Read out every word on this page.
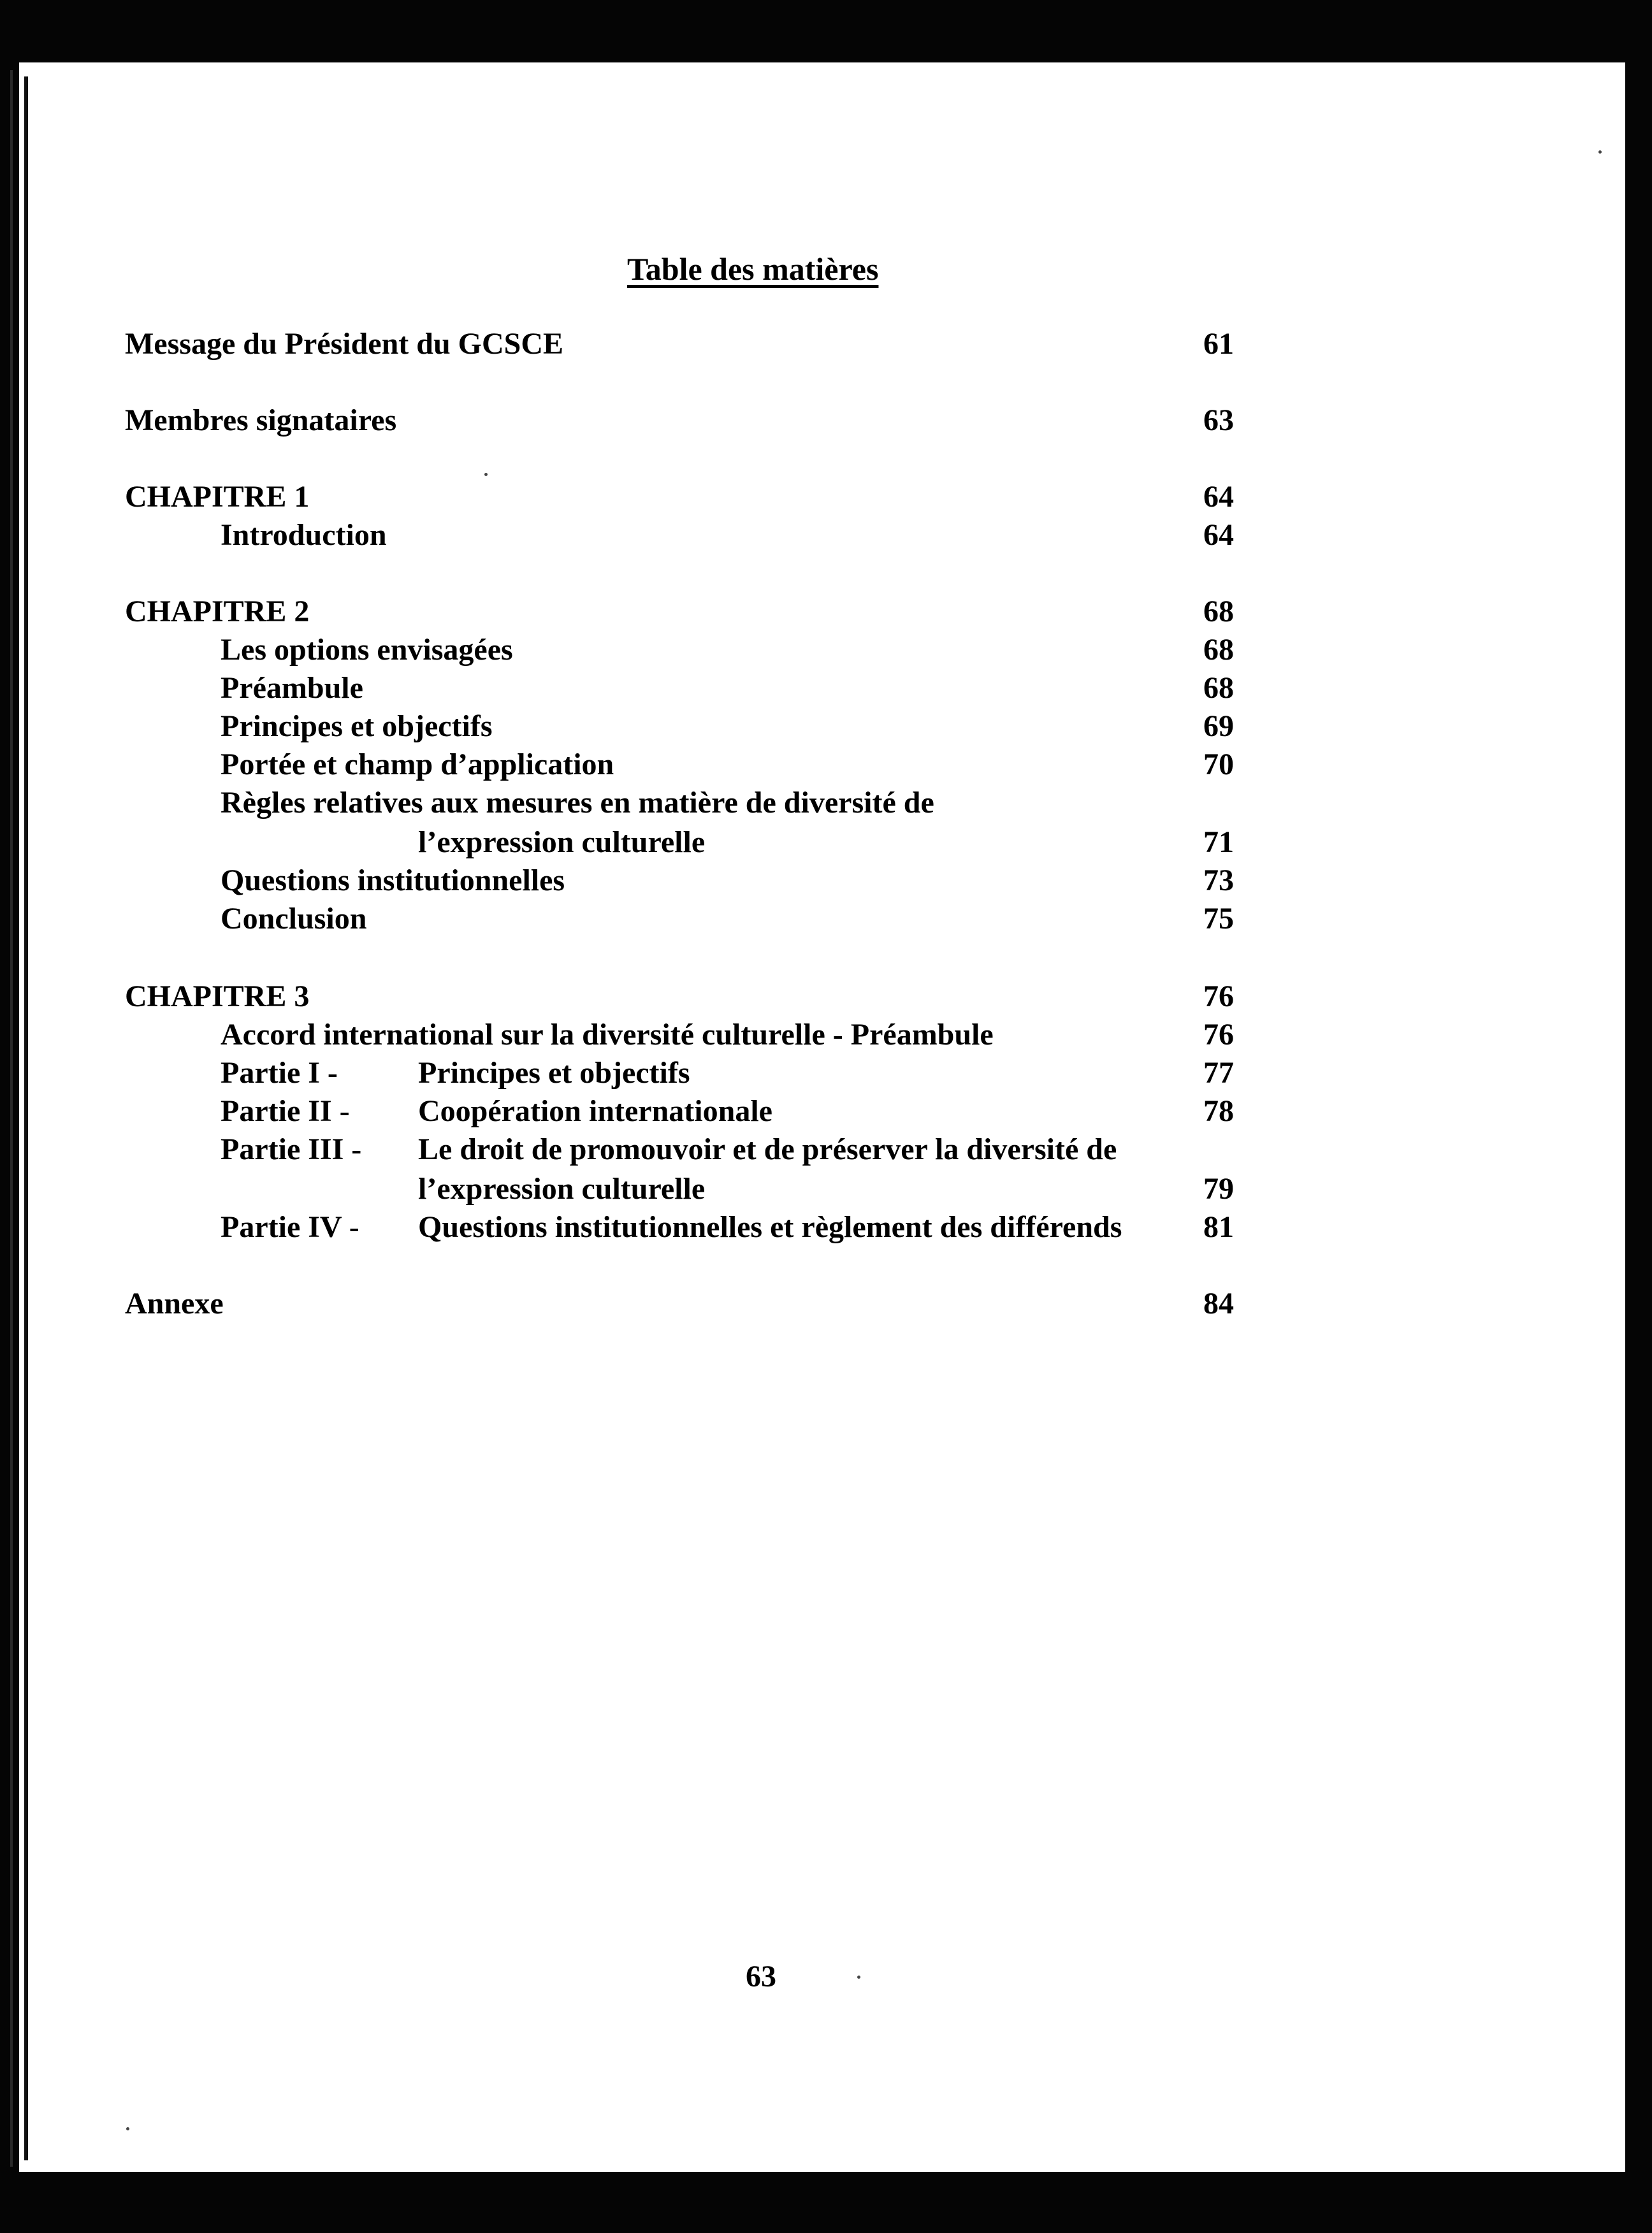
Table des matières
Message du Président du GCSCE	61
Membres signataires	63
CHAPITRE 1	64
Introduction	64
CHAPITRE 2	68
Les options envisagées	68
Préambule	68
Principes et objectifs	69
Portée et champ d’application	70
Règles relatives aux mesures en matière de diversité de
l’expression culturelle	71
Questions institutionnelles	73
Conclusion	75
CHAPITRE 3	76
Accord international sur la diversité culturelle - Préambule	76
Partie I -	Principes et objectifs	77
Partie II - Coopération internationale	78
Partie III - Le droit de promouvoir et de préserver la diversité de
l’expression culturelle	79
Partie IV - Questions institutionnelles et règlement des différends	81
Annexe	84
63
